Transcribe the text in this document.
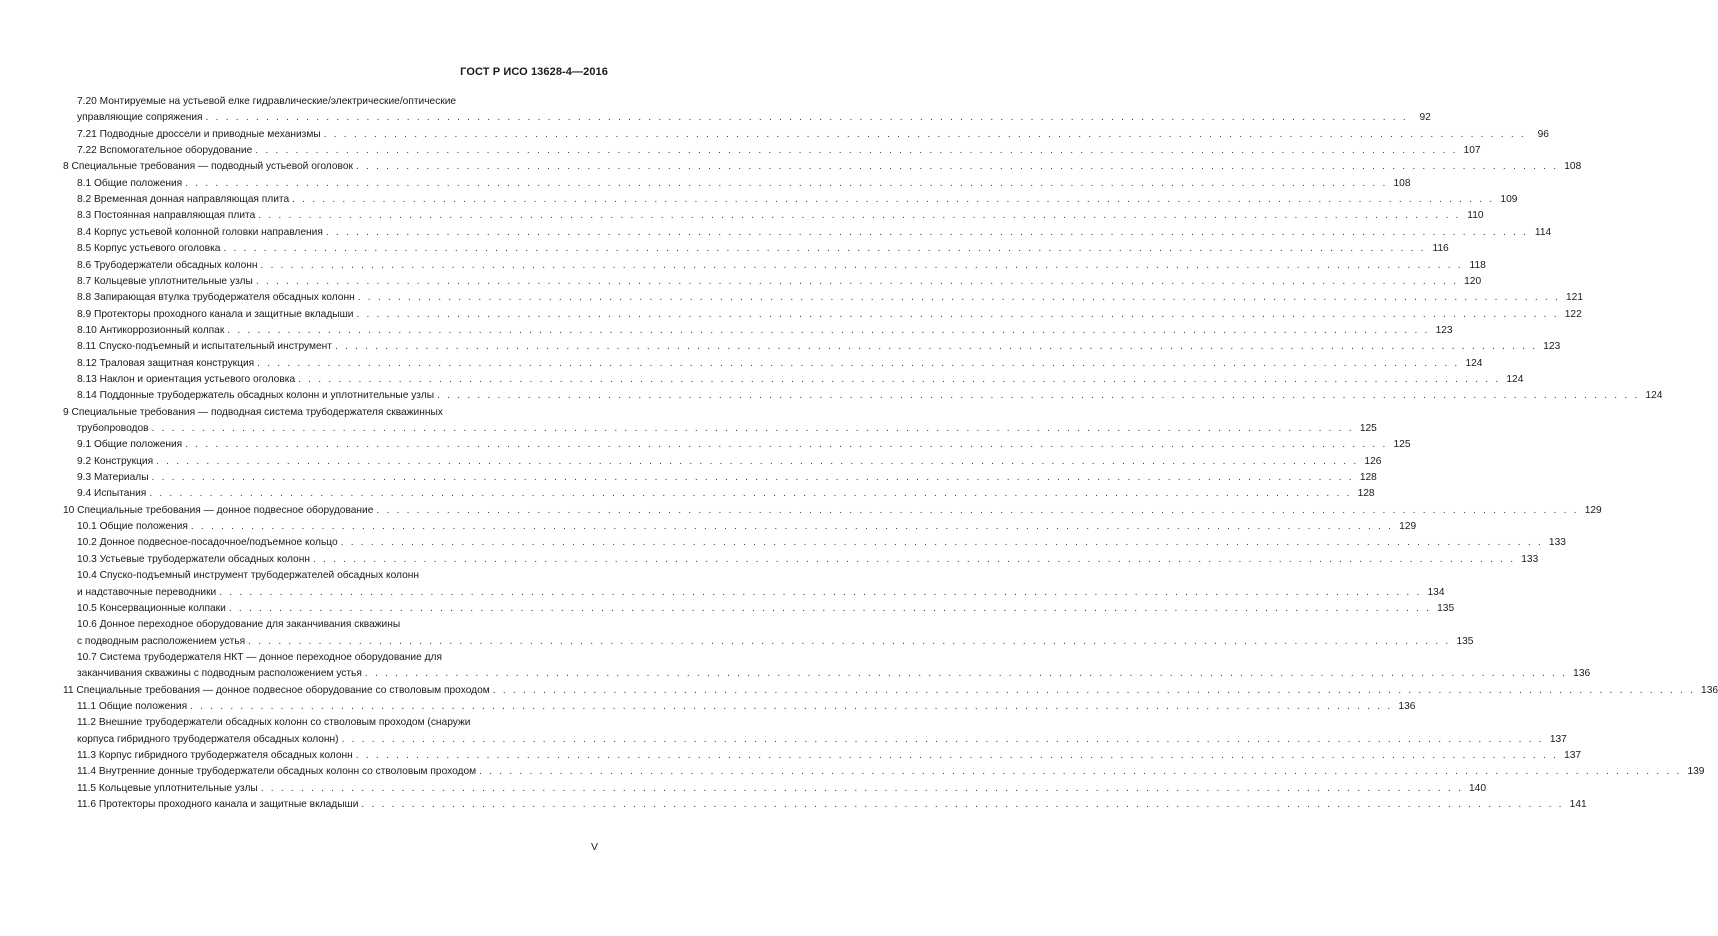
ГОСТ Р ИСО 13628-4—2016
7.20 Монтируемые на устьевой елке гидравлические/электрические/оптические
управляющие сопряжения . . . . . . . . . . . . . . . . . . . . . . . . . . . . . . . . . . . . . . . . . . . . . . . . . . . . . . . . . . . . . . . . . . . . . . . . . . . . . . . . . . . . . . . . . . . . . . . . . . . . . . . . . . . . . . . . . . . . . . . .	92
7.21 Подводные дроссели и приводные механизмы . . . . . . . . . . . . . . . . . . . . . . . . . . . . . . . . . . . . . . . . . . . . . . . . . . . . . . . . . . . . . . . . . . . . . . . . . . . . . . . . . . . . . . . . . . . . . . . . . . . . . . . . . . . . . . . . . . . . . . . .	96
7.22 Вспомогательное оборудование . . . . . . . . . . . . . . . . . . . . . . . . . . . . . . . . . . . . . . . . . . . . . . . . . . . . . . . . . . . . . . . . . . . . . . . . . . . . . . . . . . . . . . . . . . . . . . . . . . . . . . . . . . . . . . . . . . . . . . . . 107
8 Специальные требования — подводный устьевой оголовок . . . . . . . . . . . . . . . . . . . . . . . . . . . . . . . . . . . . . . . . . . . . . . . . . . . . . . . . . . . . . . . . . . . . . . . . . . . . . . . . . . . . . . . . . . . . . . . . . . . . . . . . . . . . . . . . . . . . . . . . 108
8.1 Общие положения . . . . . . . . . . . . . . . . . . . . . . . . . . . . . . . . . . . . . . . . . . . . . . . . . . . . . . . . . . . . . . . . . . . . . . . . . . . . . . . . . . . . . . . . . . . . . . . . . . . . . . . . . . . . . . . . . . . . . . . . 108
8.2 Временная донная направляющая плита . . . . . . . . . . . . . . . . . . . . . . . . . . . . . . . . . . . . . . . . . . . . . . . . . . . . . . . . . . . . . . . . . . . . . . . . . . . . . . . . . . . . . . . . . . . . . . . . . . . . . . . . . . . . . . . . . . . . . . . . 109
8.3 Постоянная направляющая плита . . . . . . . . . . . . . . . . . . . . . . . . . . . . . . . . . . . . . . . . . . . . . . . . . . . . . . . . . . . . . . . . . . . . . . . . . . . . . . . . . . . . . . . . . . . . . . . . . . . . . . . . . . . . . . . . . . . . . . . . 110
8.4 Корпус устьевой колонной головки направления . . . . . . . . . . . . . . . . . . . . . . . . . . . . . . . . . . . . . . . . . . . . . . . . . . . . . . . . . . . . . . . . . . . . . . . . . . . . . . . . . . . . . . . . . . . . . . . . . . . . . . . . . . . . . . . . . . . . . . . . 114
8.5 Корпус устьевого оголовка . . . . . . . . . . . . . . . . . . . . . . . . . . . . . . . . . . . . . . . . . . . . . . . . . . . . . . . . . . . . . . . . . . . . . . . . . . . . . . . . . . . . . . . . . . . . . . . . . . . . . . . . . . . . . . . . . . . . . . . . 116
8.6 Трубодержатели обсадных колонн . . . . . . . . . . . . . . . . . . . . . . . . . . . . . . . . . . . . . . . . . . . . . . . . . . . . . . . . . . . . . . . . . . . . . . . . . . . . . . . . . . . . . . . . . . . . . . . . . . . . . . . . . . . . . . . . . . . . . . . . 118
8.7 Кольцевые уплотнительные узлы . . . . . . . . . . . . . . . . . . . . . . . . . . . . . . . . . . . . . . . . . . . . . . . . . . . . . . . . . . . . . . . . . . . . . . . . . . . . . . . . . . . . . . . . . . . . . . . . . . . . . . . . . . . . . . . . . . . . . . . . 120
8.8 Запирающая втулка трубодержателя обсадных колонн . . . . . . . . . . . . . . . . . . . . . . . . . . . . . . . . . . . . . . . . . . . . . . . . . . . . . . . . . . . . . . . . . . . . . . . . . . . . . . . . . . . . . . . . . . . . . . . . . . . . . . . . . . . . . . . . . . . . . . . . 121
8.9 Протекторы проходного канала и защитные вкладыши . . . . . . . . . . . . . . . . . . . . . . . . . . . . . . . . . . . . . . . . . . . . . . . . . . . . . . . . . . . . . . . . . . . . . . . . . . . . . . . . . . . . . . . . . . . . . . . . . . . . . . . . . . . . . . . . . . . . . . . . 122
8.10 Антикоррозионный колпак . . . . . . . . . . . . . . . . . . . . . . . . . . . . . . . . . . . . . . . . . . . . . . . . . . . . . . . . . . . . . . . . . . . . . . . . . . . . . . . . . . . . . . . . . . . . . . . . . . . . . . . . . . . . . . . . . . . . . . . . 123
8.11 Спуско-подъемный и испытательный инструмент . . . . . . . . . . . . . . . . . . . . . . . . . . . . . . . . . . . . . . . . . . . . . . . . . . . . . . . . . . . . . . . . . . . . . . . . . . . . . . . . . . . . . . . . . . . . . . . . . . . . . . . . . . . . . . . . . . . . . . . . 123
8.12 Траловая защитная конструкция . . . . . . . . . . . . . . . . . . . . . . . . . . . . . . . . . . . . . . . . . . . . . . . . . . . . . . . . . . . . . . . . . . . . . . . . . . . . . . . . . . . . . . . . . . . . . . . . . . . . . . . . . . . . . . . . . . . . . . . . 124
8.13 Наклон и ориентация устьевого оголовка . . . . . . . . . . . . . . . . . . . . . . . . . . . . . . . . . . . . . . . . . . . . . . . . . . . . . . . . . . . . . . . . . . . . . . . . . . . . . . . . . . . . . . . . . . . . . . . . . . . . . . . . . . . . . . . . . . . . . . . . 124
8.14 Поддонные трубодержатель обсадных колонн и уплотнительные узлы . . . . . . . . . . . . . . . . . . . . . . . . . . . . . . . . . . . . . . . . . . . . . . . . . . . . . . . . . . . . . . . . . . . . . . . . . . . . . . . . . . . . . . . . . . . . . . . . . . . . . . . . . . . . . . . . . . . . . . . . 124
9 Специальные требования — подводная система трубодержателя скважинных
трубопроводов . . . . . . . . . . . . . . . . . . . . . . . . . . . . . . . . . . . . . . . . . . . . . . . . . . . . . . . . . . . . . . . . . . . . . . . . . . . . . . . . . . . . . . . . . . . . . . . . . . . . . . . . . . . . . . . . . . . . . . . . 125
9.1 Общие положения . . . . . . . . . . . . . . . . . . . . . . . . . . . . . . . . . . . . . . . . . . . . . . . . . . . . . . . . . . . . . . . . . . . . . . . . . . . . . . . . . . . . . . . . . . . . . . . . . . . . . . . . . . . . . . . . . . . . . . . . 125
9.2 Конструкция . . . . . . . . . . . . . . . . . . . . . . . . . . . . . . . . . . . . . . . . . . . . . . . . . . . . . . . . . . . . . . . . . . . . . . . . . . . . . . . . . . . . . . . . . . . . . . . . . . . . . . . . . . . . . . . . . . . . . . . . 126
9.3 Материалы . . . . . . . . . . . . . . . . . . . . . . . . . . . . . . . . . . . . . . . . . . . . . . . . . . . . . . . . . . . . . . . . . . . . . . . . . . . . . . . . . . . . . . . . . . . . . . . . . . . . . . . . . . . . . . . . . . . . . . . . 128
9.4 Испытания . . . . . . . . . . . . . . . . . . . . . . . . . . . . . . . . . . . . . . . . . . . . . . . . . . . . . . . . . . . . . . . . . . . . . . . . . . . . . . . . . . . . . . . . . . . . . . . . . . . . . . . . . . . . . . . . . . . . . . . . 128
10 Специальные требования — донное подвесное оборудование . . . . . . . . . . . . . . . . . . . . . . . . . . . . . . . . . . . . . . . . . . . . . . . . . . . . . . . . . . . . . . . . . . . . . . . . . . . . . . . . . . . . . . . . . . . . . . . . . . . . . . . . . . . . . . . . . . . . . . . . 129
10.1 Общие положения . . . . . . . . . . . . . . . . . . . . . . . . . . . . . . . . . . . . . . . . . . . . . . . . . . . . . . . . . . . . . . . . . . . . . . . . . . . . . . . . . . . . . . . . . . . . . . . . . . . . . . . . . . . . . . . . . . . . . . . . 129
10.2 Донное подвесное-посадочное/подъемное кольцо . . . . . . . . . . . . . . . . . . . . . . . . . . . . . . . . . . . . . . . . . . . . . . . . . . . . . . . . . . . . . . . . . . . . . . . . . . . . . . . . . . . . . . . . . . . . . . . . . . . . . . . . . . . . . . . . . . . . . . . . 133
10.3 Устьевые трубодержатели обсадных колонн . . . . . . . . . . . . . . . . . . . . . . . . . . . . . . . . . . . . . . . . . . . . . . . . . . . . . . . . . . . . . . . . . . . . . . . . . . . . . . . . . . . . . . . . . . . . . . . . . . . . . . . . . . . . . . . . . . . . . . . . 133
10.4 Спуско-подъемный инструмент трубодержателей обсадных колонн
и надставочные переводники . . . . . . . . . . . . . . . . . . . . . . . . . . . . . . . . . . . . . . . . . . . . . . . . . . . . . . . . . . . . . . . . . . . . . . . . . . . . . . . . . . . . . . . . . . . . . . . . . . . . . . . . . . . . . . . . . . . . . . . . 134
10.5 Консервационные колпаки . . . . . . . . . . . . . . . . . . . . . . . . . . . . . . . . . . . . . . . . . . . . . . . . . . . . . . . . . . . . . . . . . . . . . . . . . . . . . . . . . . . . . . . . . . . . . . . . . . . . . . . . . . . . . . . . . . . . . . . . 135
10.6 Донное переходное оборудование для заканчивания скважины
с подводным расположением устья . . . . . . . . . . . . . . . . . . . . . . . . . . . . . . . . . . . . . . . . . . . . . . . . . . . . . . . . . . . . . . . . . . . . . . . . . . . . . . . . . . . . . . . . . . . . . . . . . . . . . . . . . . . . . . . . . . . . . . . . 135
10.7 Система трубодержателя НКТ — донное переходное оборудование для
заканчивания скважины с подводным расположением устья . . . . . . . . . . . . . . . . . . . . . . . . . . . . . . . . . . . . . . . . . . . . . . . . . . . . . . . . . . . . . . . . . . . . . . . . . . . . . . . . . . . . . . . . . . . . . . . . . . . . . . . . . . . . . . . . . . . . . . . . 136
11 Специальные требования — донное подвесное оборудование со стволовым проходом . . . . . . . . . . . . . . . . . . . . . . . . . . . . . . . . . . . . . . . . . . . . . . . . . . . . . . . . . . . . . . . . . . . . . . . . . . . . . . . . . . . . . . . . . . . . . . . . . . . . . . . . . . . . . . . . . . . . . . . . 136
11.1 Общие положения . . . . . . . . . . . . . . . . . . . . . . . . . . . . . . . . . . . . . . . . . . . . . . . . . . . . . . . . . . . . . . . . . . . . . . . . . . . . . . . . . . . . . . . . . . . . . . . . . . . . . . . . . . . . . . . . . . . . . . . . 136
11.2 Внешние трубодержатели обсадных колонн со стволовым проходом (снаружи
корпуса гибридного трубодержателя обсадных колонн) . . . . . . . . . . . . . . . . . . . . . . . . . . . . . . . . . . . . . . . . . . . . . . . . . . . . . . . . . . . . . . . . . . . . . . . . . . . . . . . . . . . . . . . . . . . . . . . . . . . . . . . . . . . . . . . . . . . . . . . . 137
11.3 Корпус гибридного трубодержателя обсадных колонн . . . . . . . . . . . . . . . . . . . . . . . . . . . . . . . . . . . . . . . . . . . . . . . . . . . . . . . . . . . . . . . . . . . . . . . . . . . . . . . . . . . . . . . . . . . . . . . . . . . . . . . . . . . . . . . . . . . . . . . . 137
11.4 Внутренние донные трубодержатели обсадных колонн со стволовым проходом . . . . . . . . . . . . . . . . . . . . . . . . . . . . . . . . . . . . . . . . . . . . . . . . . . . . . . . . . . . . . . . . . . . . . . . . . . . . . . . . . . . . . . . . . . . . . . . . . . . . . . . . . . . . . . . . . . . . . . . . 139
11.5 Кольцевые уплотнительные узлы . . . . . . . . . . . . . . . . . . . . . . . . . . . . . . . . . . . . . . . . . . . . . . . . . . . . . . . . . . . . . . . . . . . . . . . . . . . . . . . . . . . . . . . . . . . . . . . . . . . . . . . . . . . . . . . . . . . . . . . . 140
11.6 Протекторы проходного канала и защитные вкладыши . . . . . . . . . . . . . . . . . . . . . . . . . . . . . . . . . . . . . . . . . . . . . . . . . . . . . . . . . . . . . . . . . . . . . . . . . . . . . . . . . . . . . . . . . . . . . . . . . . . . . . . . . . . . . . . . . . . . . . . . 141
V
